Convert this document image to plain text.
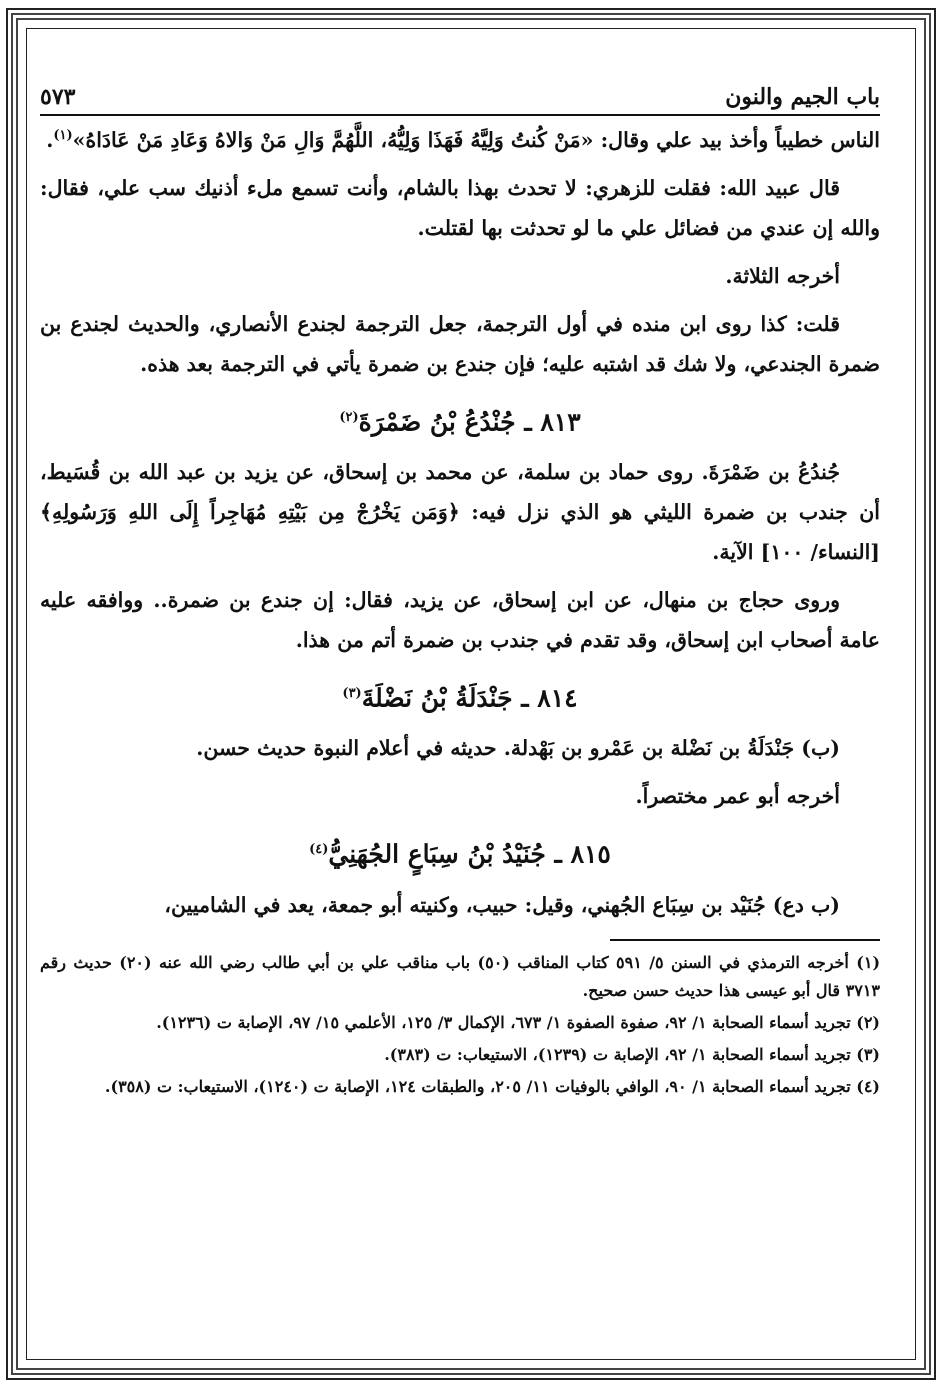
باب الجيم والنون
٥٧٣

الناس خطيباً وأخذ بيد علي وقال: «مَنْ كُنتُ وَلِيَّهُ فَهَذَا وَلِيُّهُ، اللَّهُمَّ وَالِ مَنْ وَالاهُ وَعَادِ مَنْ عَادَاهُ»$^{(١)}$.

قال عبيد الله: فقلت للزهري: لا تحدث بهذا بالشام، وأنت تسمع ملء أذنيك سب علي، فقال: والله إن عندي من فضائل علي ما لو تحدثت بها لقتلت.

أخرجه الثلاثة.

قلت: كذا روى ابن منده في أول الترجمة، جعل الترجمة لجندع الأنصاري، والحديث لجندع بن ضمرة الجندعي، ولا شك قد اشتبه عليه؛ فإن جندع بن ضمرة يأتي في الترجمة بعد هذه.

٨١٣ ـ جُنْدُعُ بْنُ ضَمْرَةَ$^{(٢)}$

جُندُعُ بن ضَمْرَةَ. روى حماد بن سلمة، عن محمد بن إسحاق، عن يزيد بن عبد الله بن قُسَيط، أن جندب بن ضمرة الليثي هو الذي نزل فيه: ﴿وَمَن يَخْرُجْ مِن بَيْتِهِ مُهَاجِراً إِلَى اللهِ وَرَسُولِهِ﴾ [النساء/ ١٠٠] الآية.

وروى حجاج بن منهال، عن ابن إسحاق، عن يزيد، فقال: إن جندع بن ضمرة.. ووافقه عليه عامة أصحاب ابن إسحاق، وقد تقدم في جندب بن ضمرة أتم من هذا.

٨١٤ ـ جَنْدَلَةُ بْنُ نَضْلَةَ$^{(٣)}$

(ب) جَنْدَلَةُ بن نَضْلة بن عَمْرو بن بَهْدلة. حديثه في أعلام النبوة حديث حسن.

أخرجه أبو عمر مختصراً.

٨١٥ ـ جُنَيْدُ بْنُ سِبَاعٍ الجُهَنِيُّ$^{(٤)}$

(ب دع) جُنَيْد بن سِبَاع الجُهني، وقيل: حبيب، وكنيته أبو جمعة، يعد في الشاميين،

(١) أخرجه الترمذي في السنن ٥/ ٥٩١ كتاب المناقب (٥٠) باب مناقب علي بن أبي طالب رضي الله عنه (٢٠) حديث رقم ٣٧١٣ قال أبو عيسى هذا حديث حسن صحيح.

(٢) تجريد أسماء الصحابة ١/ ٩٢، صفوة الصفوة ١/ ٦٧٣، الإكمال ٣/ ١٢٥، الأعلمي ١٥/ ٩٧، الإصابة ت (١٢٣٦).

(٣) تجريد أسماء الصحابة ١/ ٩٢، الإصابة ت (١٢٣٩)، الاستيعاب: ت (٣٨٣).

(٤) تجريد أسماء الصحابة ١/ ٩٠، الوافي بالوفيات ١١/ ٢٠٥، والطبقات ١٢٤، الإصابة ت (١٢٤٠)، الاستيعاب: ت (٣٥٨).
